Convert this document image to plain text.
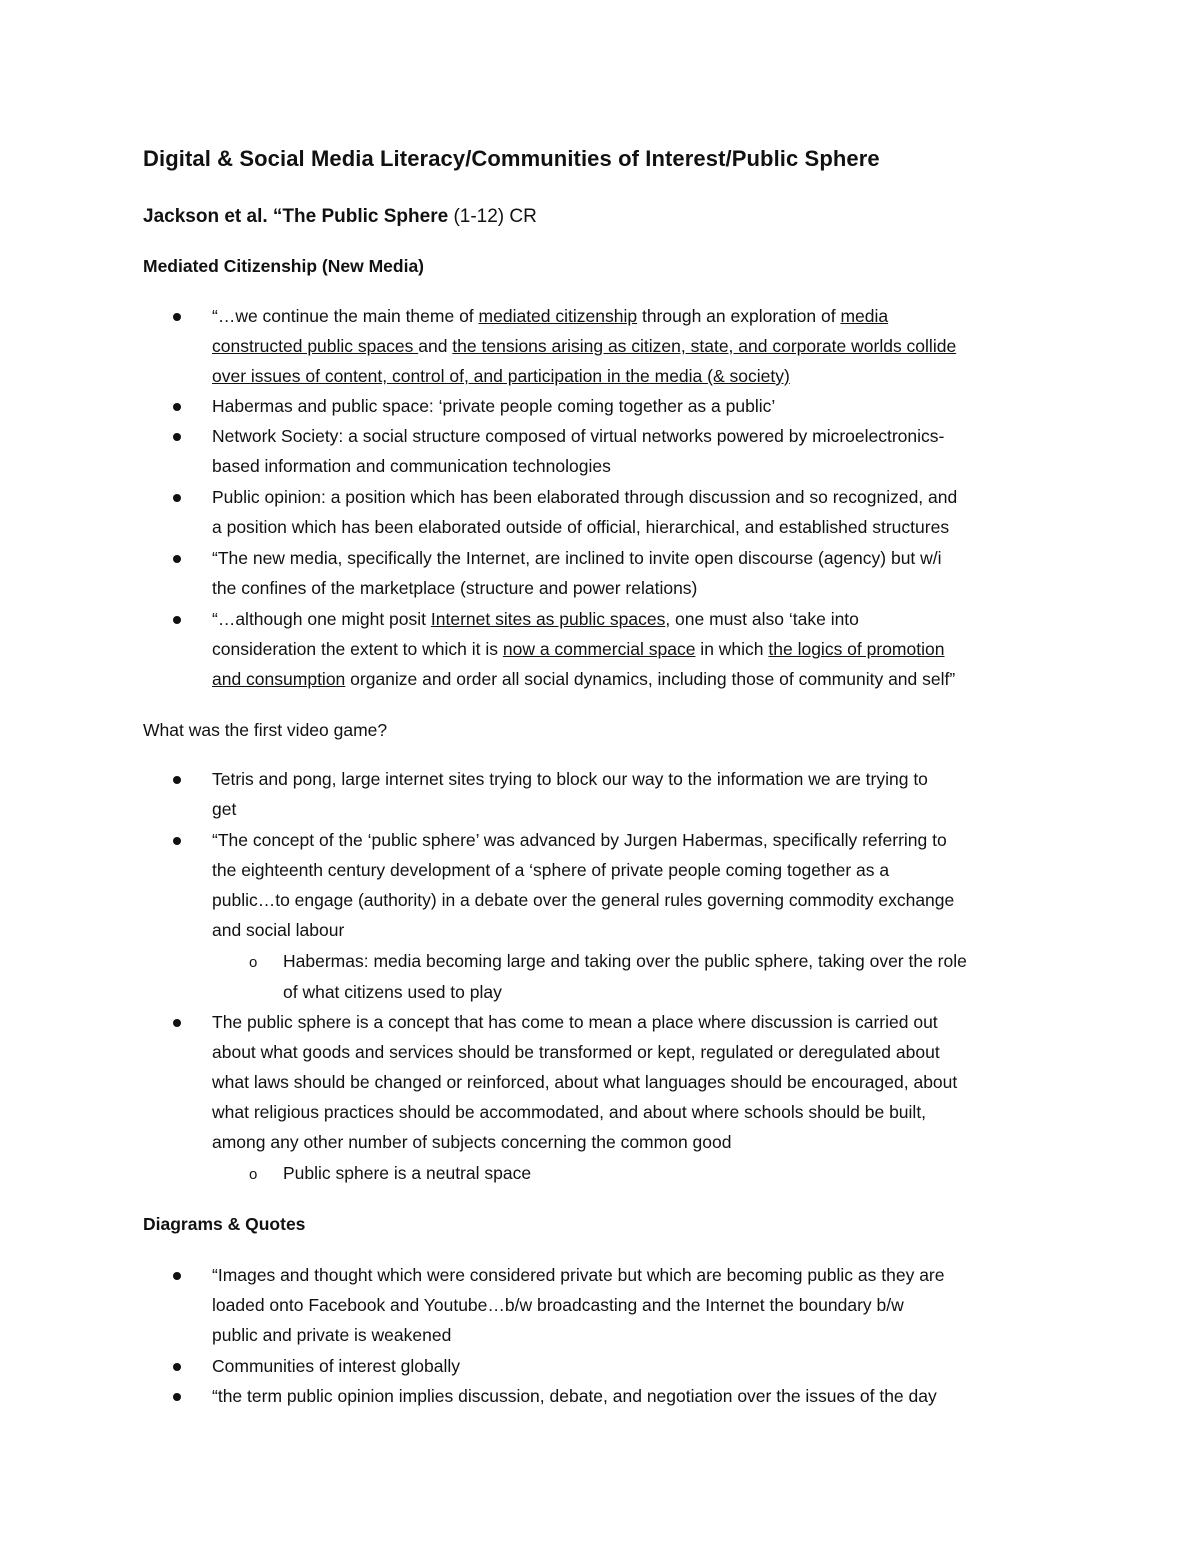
Digital & Social Media Literacy/Communities of Interest/Public Sphere
Jackson et al. “The Public Sphere (1-12) CR
Mediated Citizenship (New Media)
“…we continue the main theme of mediated citizenship through an exploration of media
constructed public spaces and the tensions arising as citizen, state, and corporate worlds collide
over issues of content, control of, and participation in the media (& society)
Habermas and public space: ‘private people coming together as a public’
Network Society: a social structure composed of virtual networks powered by microelectronics-
based information and communication technologies
Public opinion: a position which has been elaborated through discussion and so recognized, and
a position which has been elaborated outside of official, hierarchical, and established structures
“The new media, specifically the Internet, are inclined to invite open discourse (agency) but w/i
the confines of the marketplace (structure and power relations)
“…although one might posit Internet sites as public spaces, one must also ‘take into
consideration the extent to which it is now a commercial space in which the logics of promotion
and consumption organize and order all social dynamics, including those of community and self”
What was the first video game?
Tetris and pong, large internet sites trying to block our way to the information we are trying to
get
“The concept of the ‘public sphere’ was advanced by Jurgen Habermas, specifically referring to
the eighteenth century development of a ‘sphere of private people coming together as a
public…to engage (authority) in a debate over the general rules governing commodity exchange
and social labour
o Habermas: media becoming large and taking over the public sphere, taking over the role
of what citizens used to play
The public sphere is a concept that has come to mean a place where discussion is carried out
about what goods and services should be transformed or kept, regulated or deregulated about
what laws should be changed or reinforced, about what languages should be encouraged, about
what religious practices should be accommodated, and about where schools should be built,
among any other number of subjects concerning the common good
o Public sphere is a neutral space
Diagrams & Quotes
“Images and thought which were considered private but which are becoming public as they are
loaded onto Facebook and Youtube…b/w broadcasting and the Internet the boundary b/w
public and private is weakened
Communities of interest globally
“the term public opinion implies discussion, debate, and negotiation over the issues of the day
